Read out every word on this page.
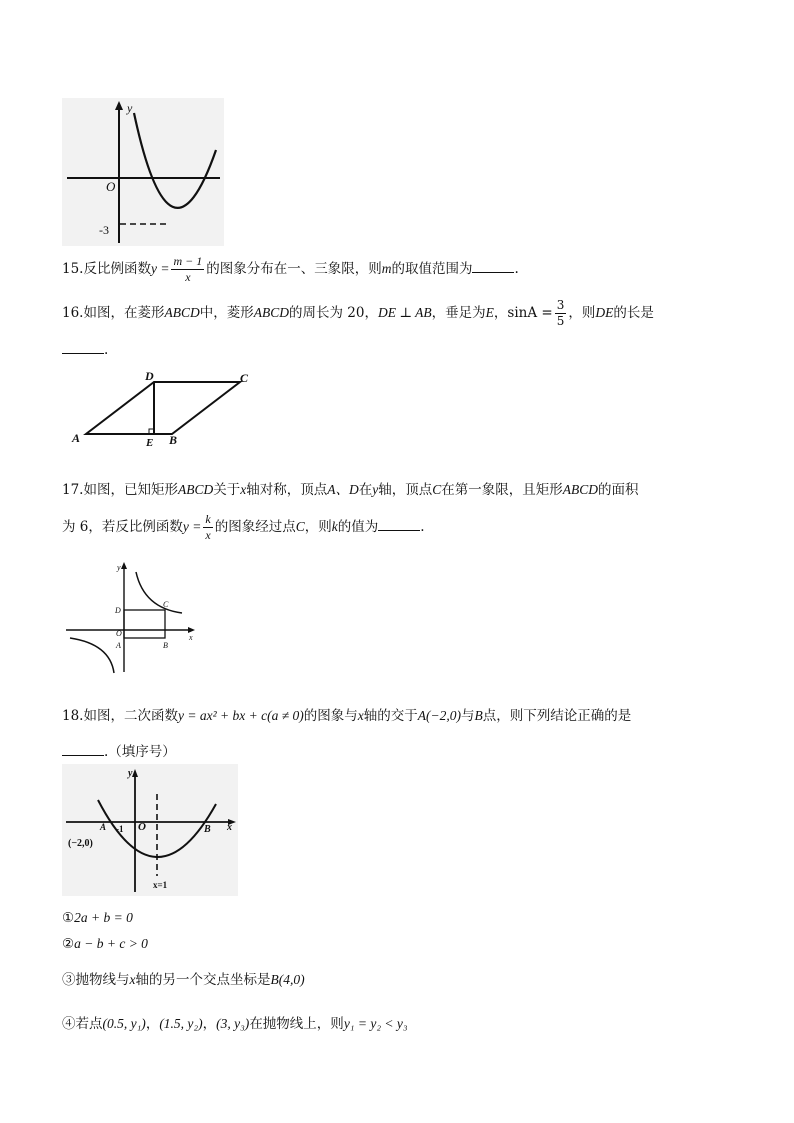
y
O
-3
15.反比例函数$y = \frac{m - 1}{x}$ 的图象分布在一、三象限，则m的取值范围为	.
16.如图，在菱形ABCD中，菱形ABCD的周长为 20，DE ⊥ AB，垂足为E，$\sin A = \frac{3}{5}$ ，则DE的长是
.
A	B
C
D
E
17.如图，已知矩形ABCD关于x轴对称，顶点A、D在y轴，顶点C在第一象限，且矩形ABCD的面积
为 6，若反比例函数$y = \frac{k}{x}$ 的图象经过点C，则k的值为	.
y
x
D
C
O
A	B
18.如图，二次函数y = ax² + bx + c(a ≠ 0)的图象与x轴的交于A(−2,0)与B点，则下列结论正确的是
.（填序号）
y
x
A -1 O	B
(−2,0)
x=1
①2a + b = 0
②a − b + c > 0
③抛物线与x轴的另一个交点坐标是B(4,0)
④若点(0.5, y₁)，(1.5, y₂)，(3, y₃)在抛物线上，则y₁ = y₂ < y₃
